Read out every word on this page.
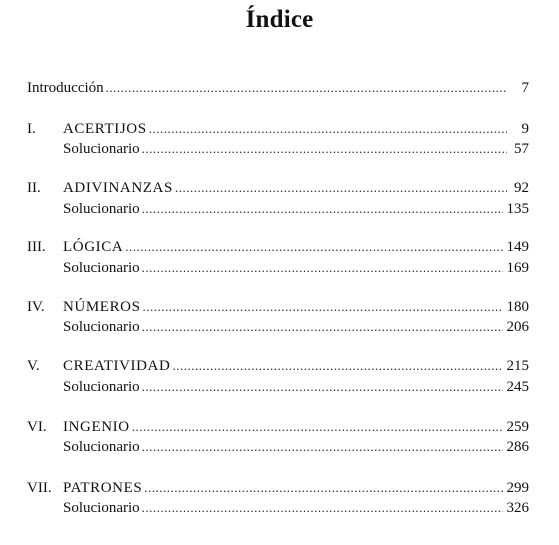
Índice
Introducción .....	7
I.	ACERTIJOS .....	9
Solucionario .....	57
II.	ADIVINANZAS .....	92
Solucionario .....	135
III.	LÓGICA .....	149
Solucionario .....	169
IV.	NÚMEROS .....	180
Solucionario .....	206
V.	CREATIVIDAD .....	215
Solucionario .....	245
VI.	INGENIO .....	259
Solucionario .....	286
VII. PATRONES .....	299
Solucionario .....	326
